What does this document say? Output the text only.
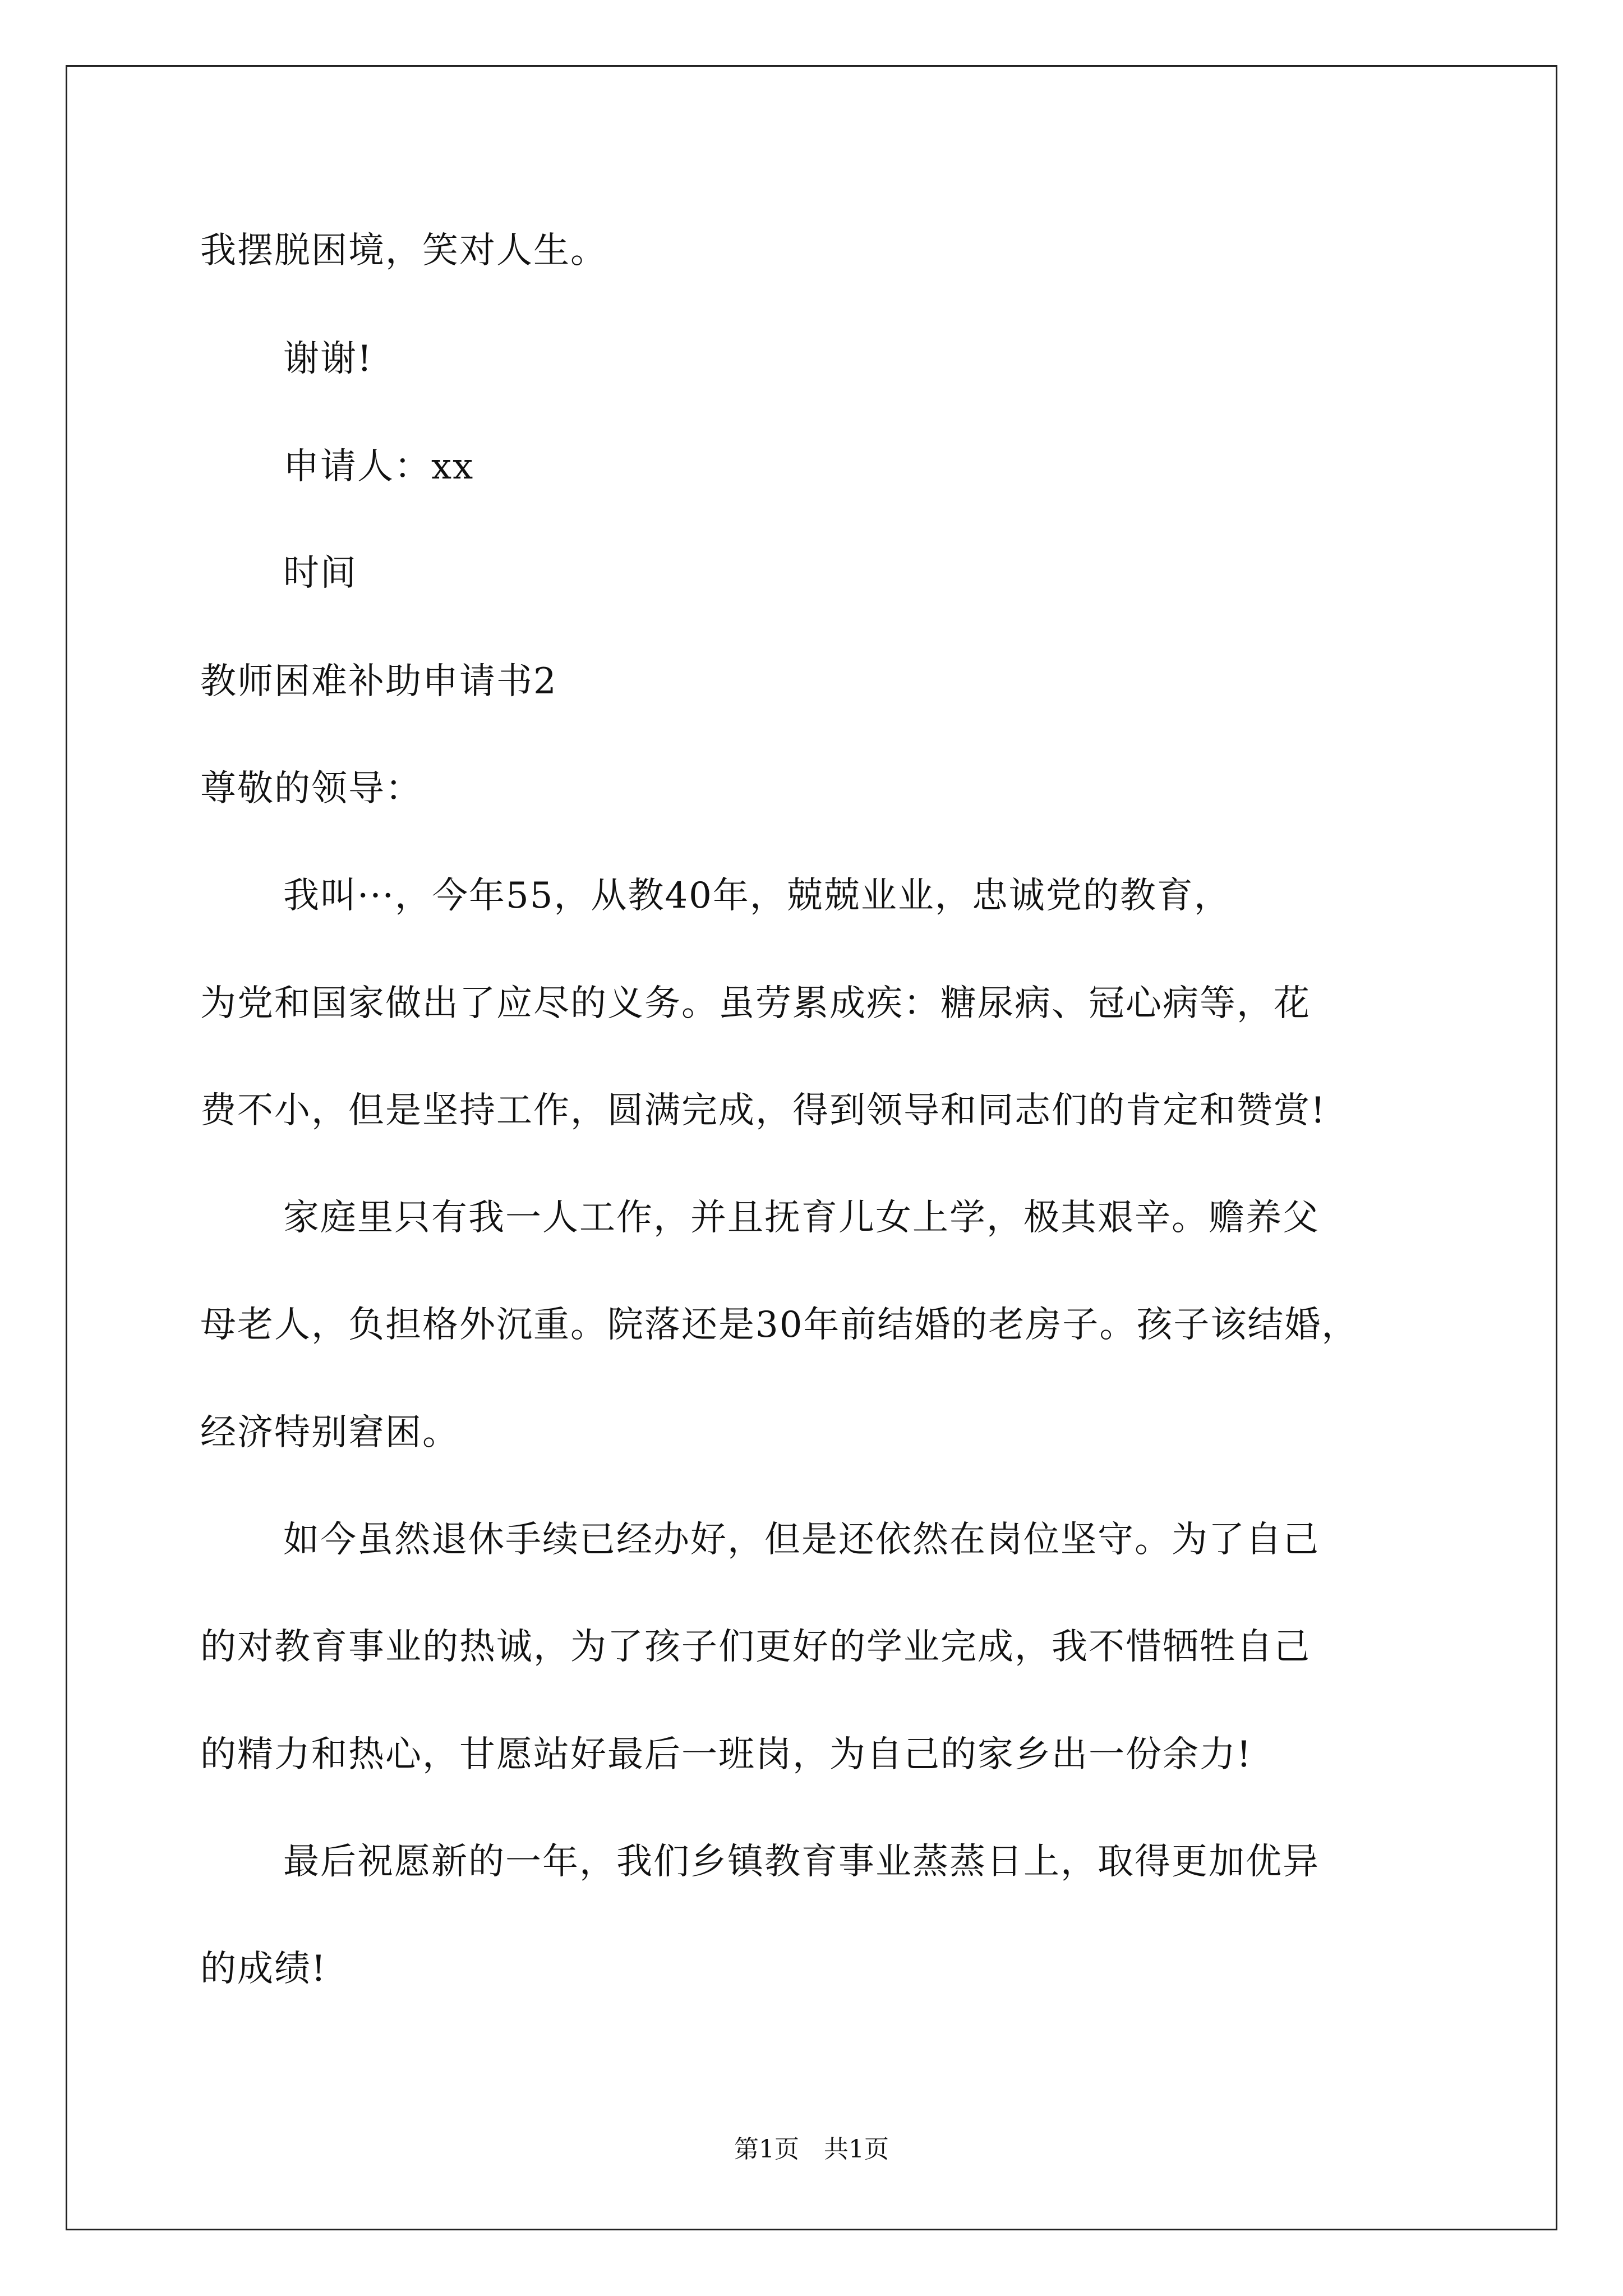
我摆脱困境，笑对人生。
谢谢!
申请人：xx
时间
教师困难补助申请书2
尊敬的领导：
我叫···，今年55，从教40年，兢兢业业，忠诚党的教育，
为党和国家做出了应尽的义务。虽劳累成疾：糖尿病、冠心病等，花
费不小，但是坚持工作，圆满完成，得到领导和同志们的肯定和赞赏!
家庭里只有我一人工作，并且抚育儿女上学，极其艰辛。赡养父
母老人，负担格外沉重。院落还是30年前结婚的老房子。孩子该结婚，
经济特别窘困。
如今虽然退休手续已经办好，但是还依然在岗位坚守。为了自己
的对教育事业的热诚，为了孩子们更好的学业完成，我不惜牺牲自己
的精力和热心，甘愿站好最后一班岗，为自己的家乡出一份余力!
最后祝愿新的一年，我们乡镇教育事业蒸蒸日上，取得更加优异
的成绩!
第1页　共1页
